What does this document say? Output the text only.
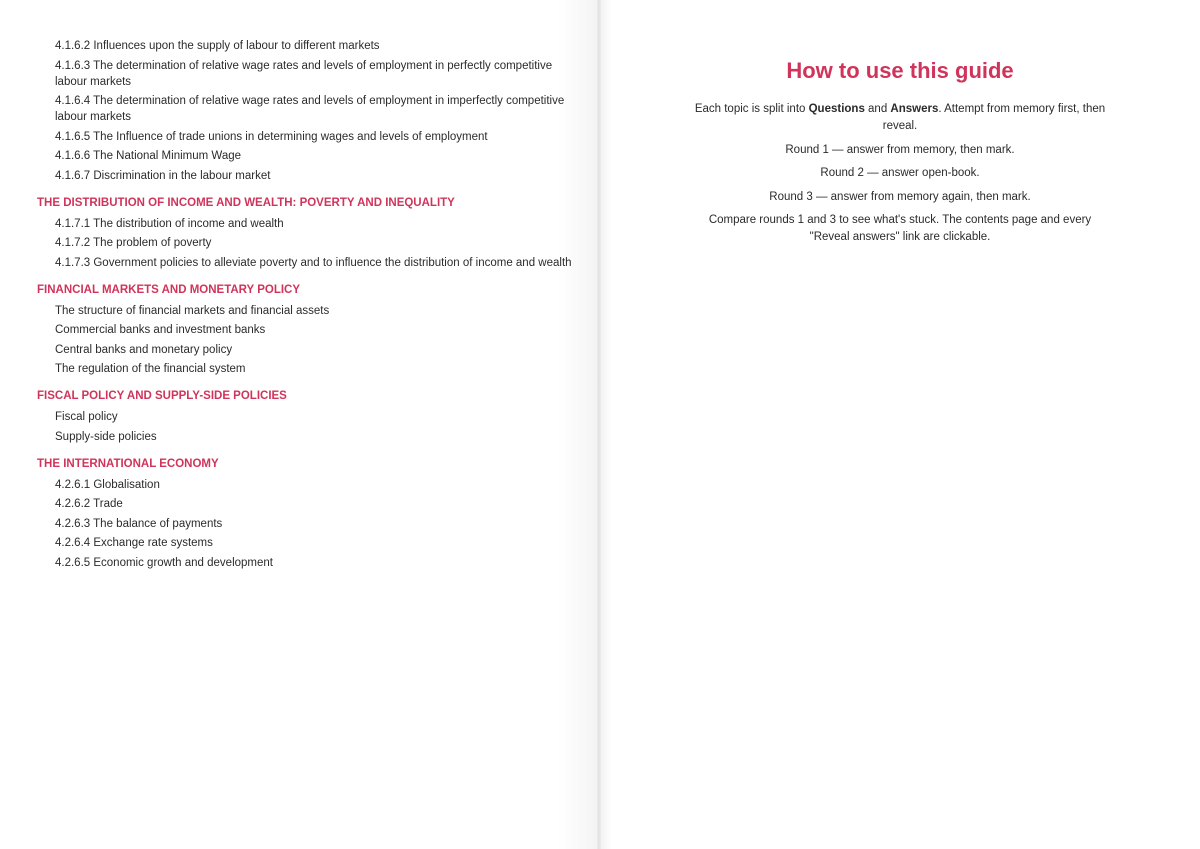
4.1.6.2 Influences upon the supply of labour to different markets
4.1.6.3 The determination of relative wage rates and levels of employment in perfectly competitive labour markets
4.1.6.4 The determination of relative wage rates and levels of employment in imperfectly competitive labour markets
4.1.6.5 The Influence of trade unions in determining wages and levels of employment
4.1.6.6 The National Minimum Wage
4.1.6.7 Discrimination in the labour market
THE DISTRIBUTION OF INCOME AND WEALTH: POVERTY AND INEQUALITY
4.1.7.1 The distribution of income and wealth
4.1.7.2 The problem of poverty
4.1.7.3 Government policies to alleviate poverty and to influence the distribution of income and wealth
FINANCIAL MARKETS AND MONETARY POLICY
The structure of financial markets and financial assets
Commercial banks and investment banks
Central banks and monetary policy
The regulation of the financial system
FISCAL POLICY AND SUPPLY-SIDE POLICIES
Fiscal policy
Supply-side policies
THE INTERNATIONAL ECONOMY
4.2.6.1 Globalisation
4.2.6.2 Trade
4.2.6.3 The balance of payments
4.2.6.4 Exchange rate systems
4.2.6.5 Economic growth and development
How to use this guide

Each topic is split into Questions and Answers. Attempt from memory first, then reveal.

Round 1 — answer from memory, then mark.

Round 2 — answer open-book.

Round 3 — answer from memory again, then mark.

Compare rounds 1 and 3 to see what's stuck. The contents page and every "Reveal answers" link are clickable.
